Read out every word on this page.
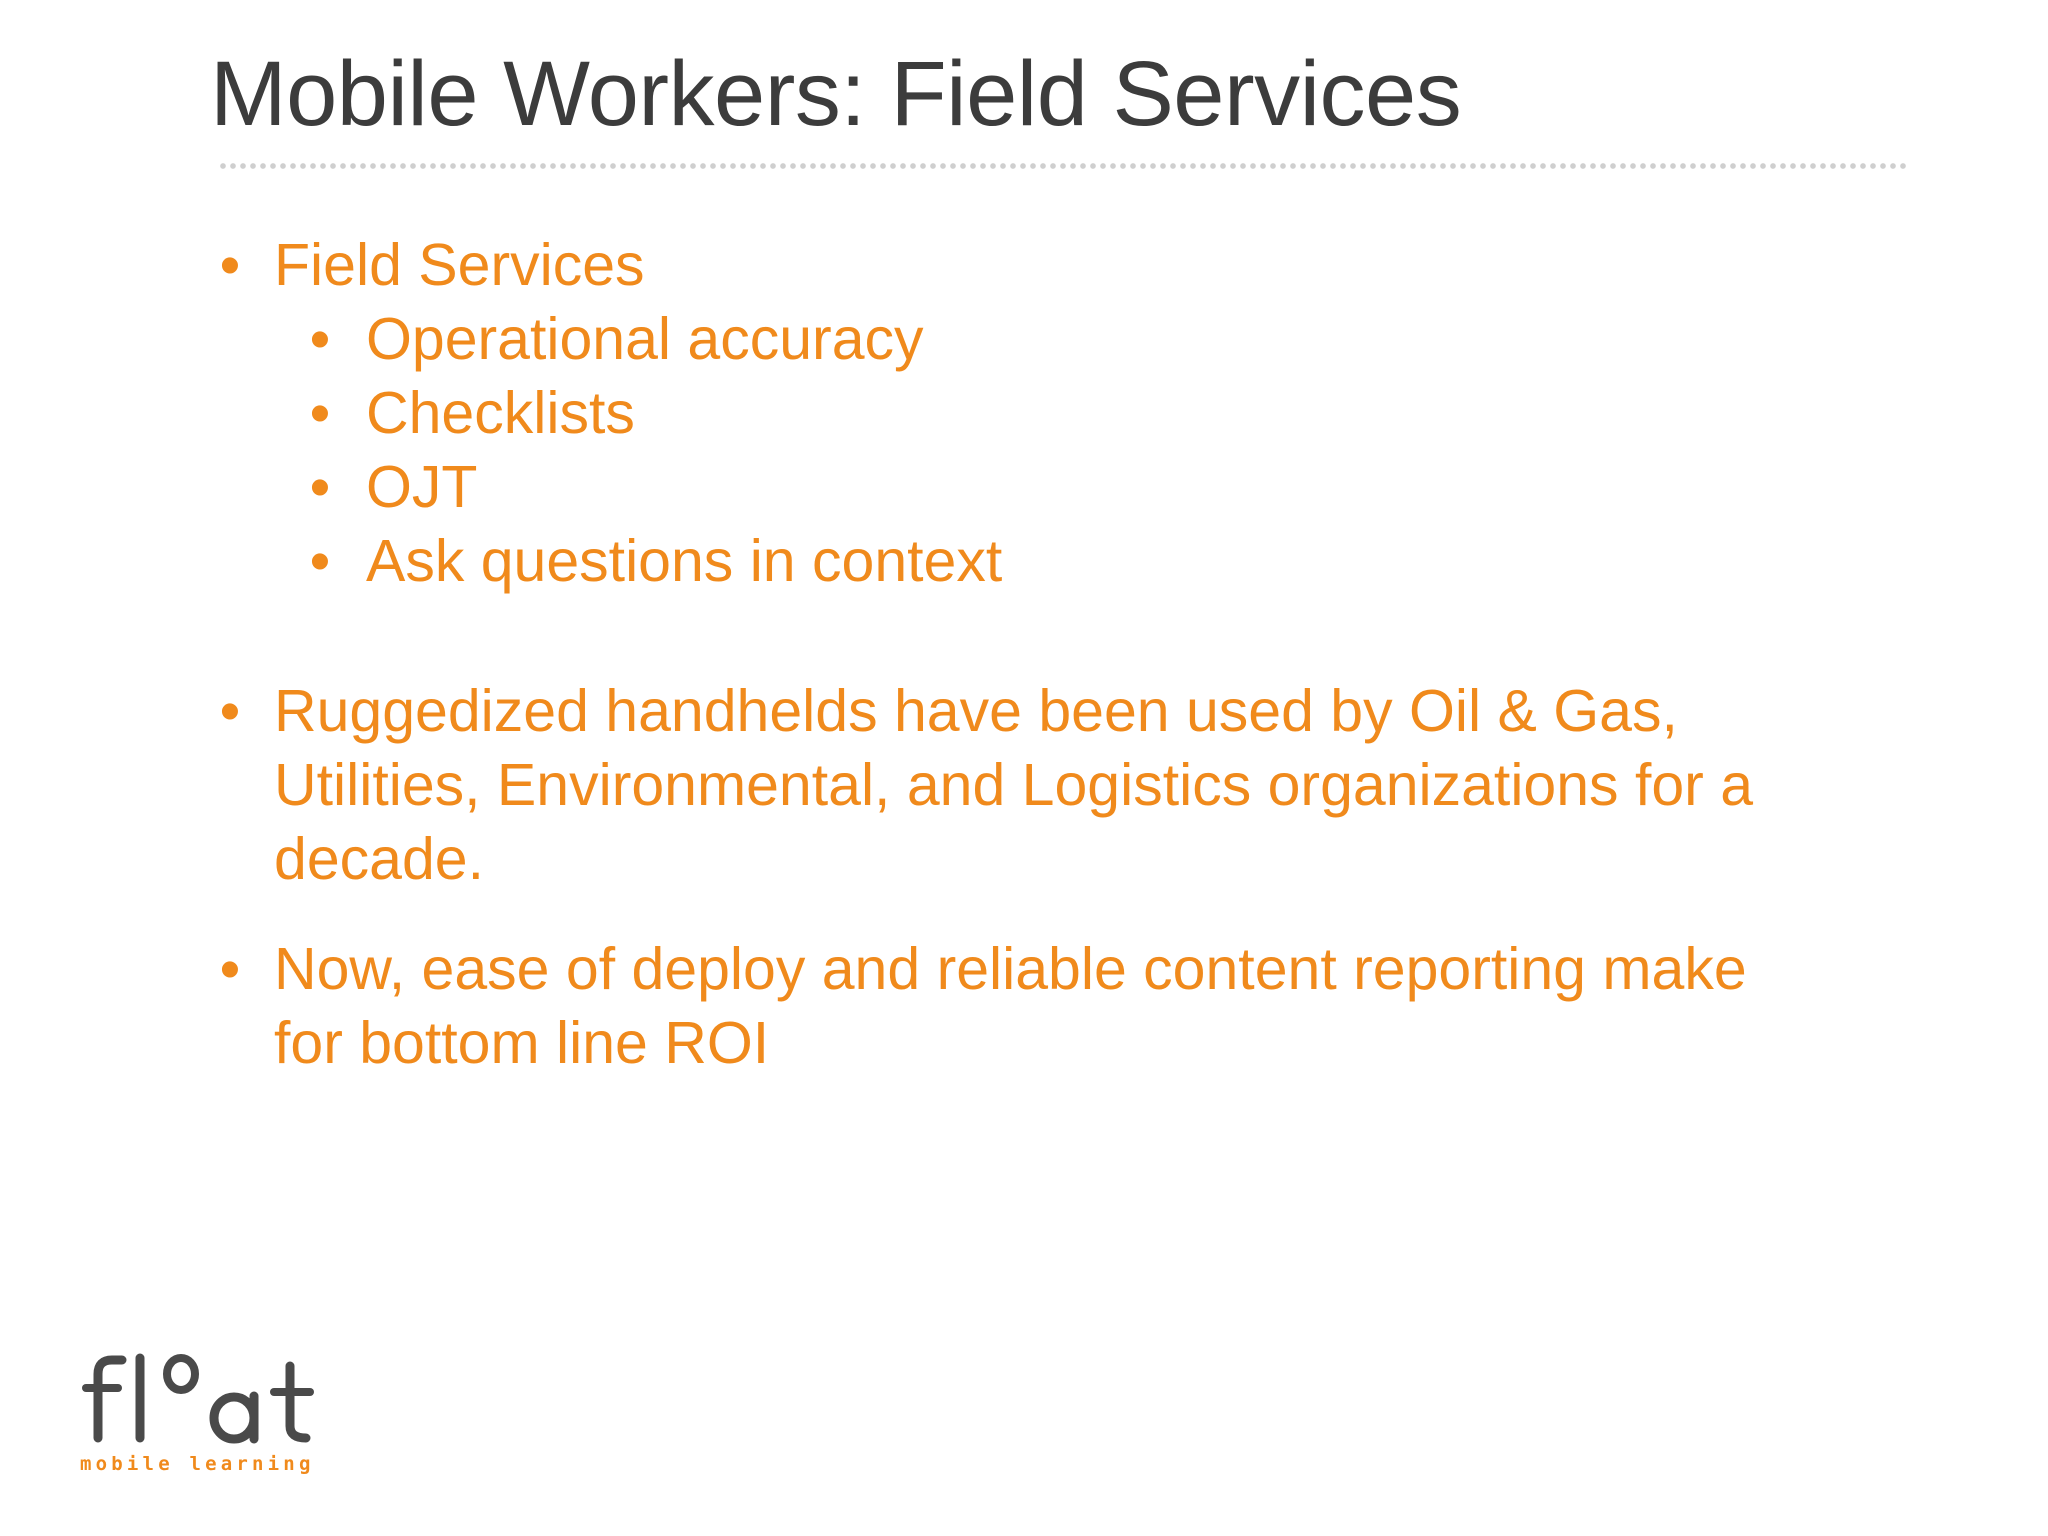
Mobile Workers: Field Services
• Field Services
• Operational accuracy
• Checklists
• OJT
• Ask questions in context
• Ruggedized handhelds have been used by Oil & Gas,
Utilities, Environmental, and Logistics organizations for a
decade.
• Now, ease of deploy and reliable content reporting make
for bottom line ROI
mobile learning
